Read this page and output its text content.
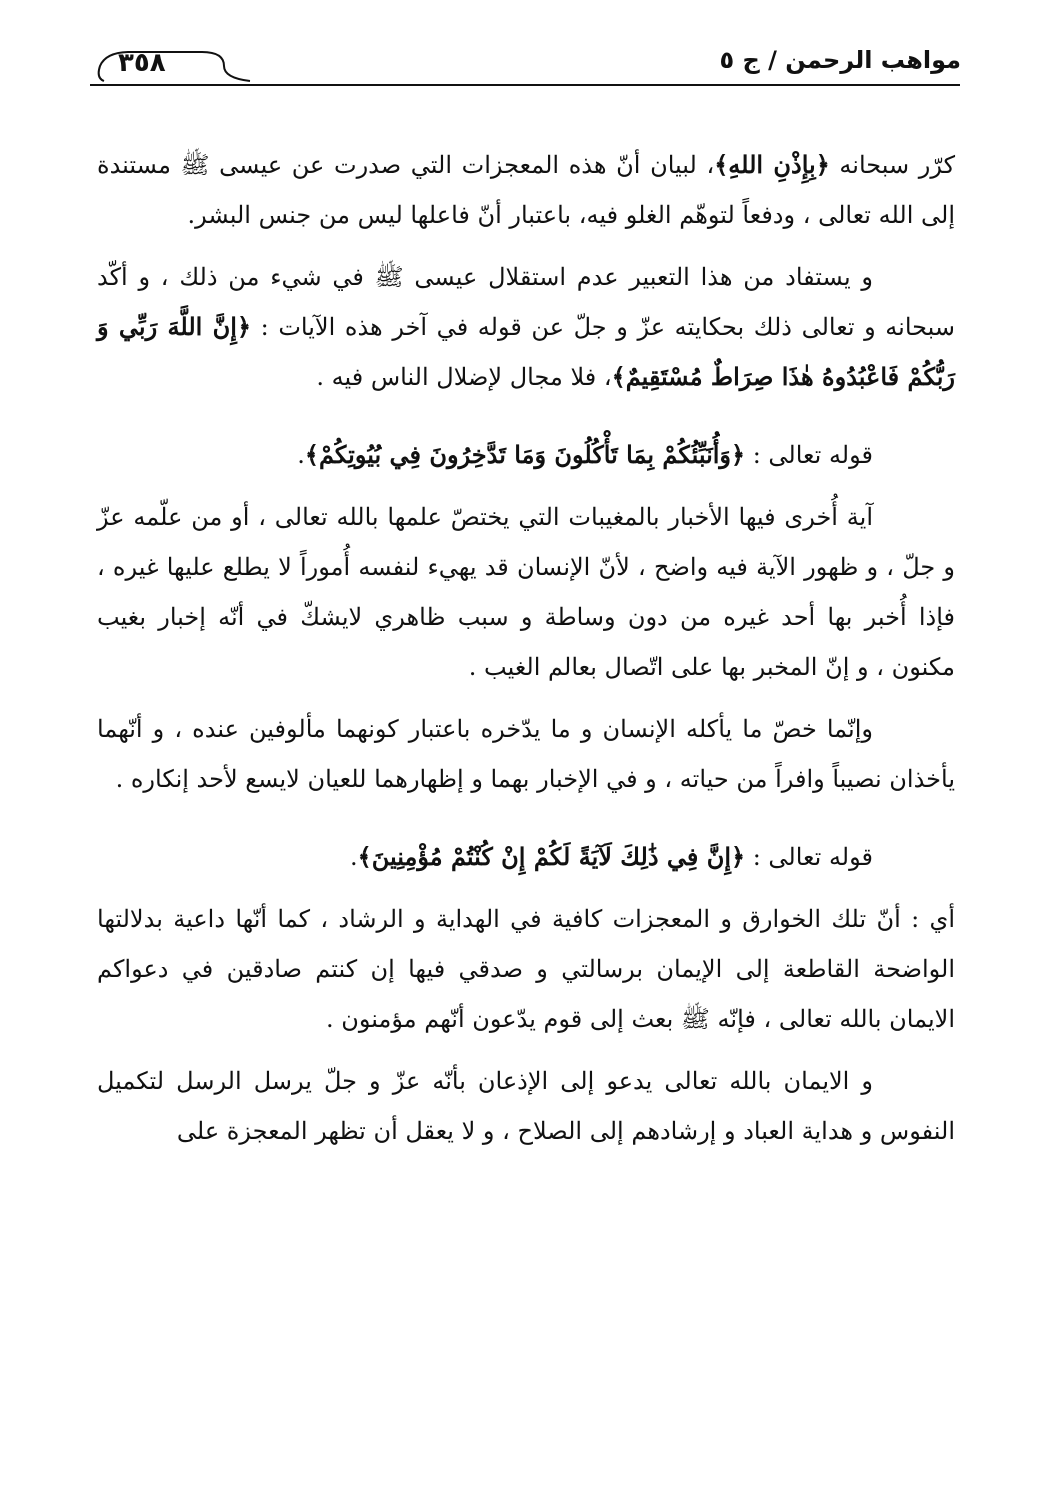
مواهب الرحمن / ج ٥
٣٥٨

كرّر سبحانه ﴿بِإِذْنِ اللهِ﴾، لبيان أنّ هذه المعجزات التي صدرت عن عيسى ﷺ مستندة إلى الله تعالى ، ودفعاً لتوهّم الغلو فيه، باعتبار أنّ فاعلها ليس من جنس البشر.

و يستفاد من هذا التعبير عدم استقلال عيسى ﷺ في شيء من ذلك ، و أكّد سبحانه و تعالى ذلك بحكايته عزّ و جلّ عن قوله في آخر هذه الآيات : ﴿إِنَّ اللَّهَ رَبِّي وَ رَبُّكُمْ فَاعْبُدُوهُ هٰذَا صِرَاطٌ مُسْتَقِيمٌ﴾، فلا مجال لإضلال الناس فيه .

قوله تعالى : ﴿وَأُنَبِّئُكُمْ بِمَا تَأْكُلُونَ وَمَا تَدَّخِرُونَ فِي بُيُوتِكُمْ﴾.

آية أُخرى فيها الأخبار بالمغيبات التي يختصّ علمها بالله تعالى ، أو من علّمه عزّ و جلّ ، و ظهور الآية فيه واضح ، لأنّ الإنسان قد يهيء لنفسه أُموراً لا يطلع عليها غيره ، فإذا أُخبر بها أحد غيره من دون وساطة و سبب ظاهري لايشكّ في أنّه إخبار بغيب مكنون ، و إنّ المخبر بها على اتّصال بعالم الغيب .

وإنّما خصّ ما يأكله الإنسان و ما يدّخره باعتبار كونهما مألوفين عنده ، و أنّهما يأخذان نصيباً وافراً من حياته ، و في الإخبار بهما و إظهارهما للعيان لايسع لأحد إنكاره .

قوله تعالى : ﴿إِنَّ فِي ذَٰلِكَ لَآيَةً لَكُمْ إِنْ كُنْتُمْ مُؤْمِنِينَ﴾.

أي : أنّ تلك الخوارق و المعجزات كافية في الهداية و الرشاد ، كما أنّها داعية بدلالتها الواضحة القاطعة إلى الإيمان برسالتي و صدقي فيها إن كنتم صادقين في دعواكم الايمان بالله تعالى ، فإنّه ﷺ بعث إلى قوم يدّعون أنّهم مؤمنون .

و الايمان بالله تعالى يدعو إلى الإذعان بأنّه عزّ و جلّ يرسل الرسل لتكميل النفوس و هداية العباد و إرشادهم إلى الصلاح ، و لا يعقل أن تظهر المعجزة على
